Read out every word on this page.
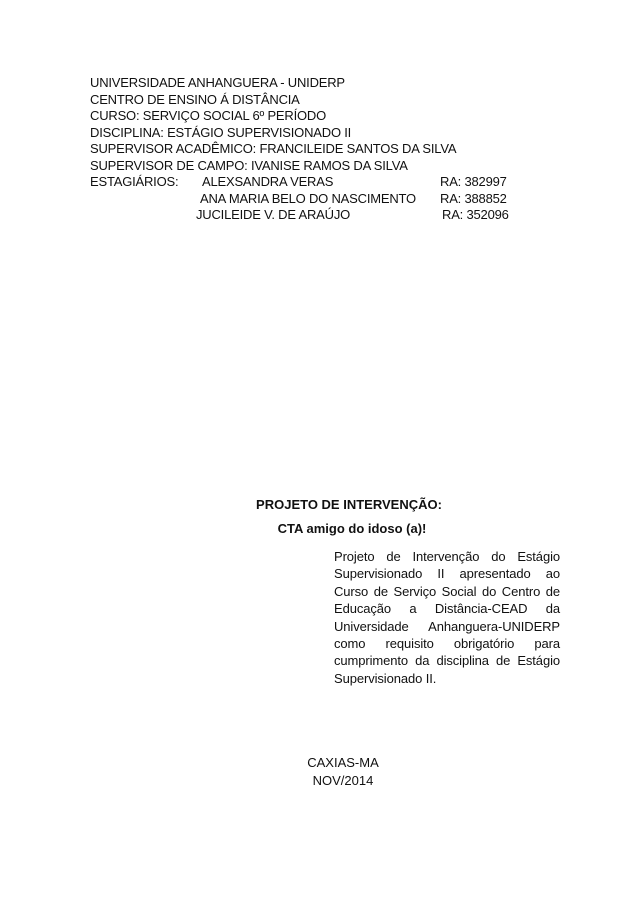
UNIVERSIDADE ANHANGUERA - UNIDERP
CENTRO DE ENSINO Á DISTÂNCIA
CURSO: SERVIÇO SOCIAL 6º PERÍODO
DISCIPLINA: ESTÁGIO SUPERVISIONADO II
SUPERVISOR ACADÊMICO: FRANCILEIDE SANTOS DA SILVA
SUPERVISOR DE CAMPO: IVANISE RAMOS DA SILVA
ESTAGIÁRIOS: ALEXSANDRA VERAS	RA: 382997
ANA MARIA BELO DO NASCIMENTO RA: 388852
JUCILEIDE V. DE ARAÚJO	RA: 352096
PROJETO DE INTERVENÇÃO:
CTA amigo do idoso (a)!
Projeto de Intervenção do Estágio
Supervisionado II apresentado ao
Curso de Serviço Social do Centro de
Educação a Distância-CEAD da
Universidade Anhanguera-UNIDERP
como requisito obrigatório para
cumprimento da disciplina de Estágio
Supervisionado II.
CAXIAS-MA
NOV/2014
